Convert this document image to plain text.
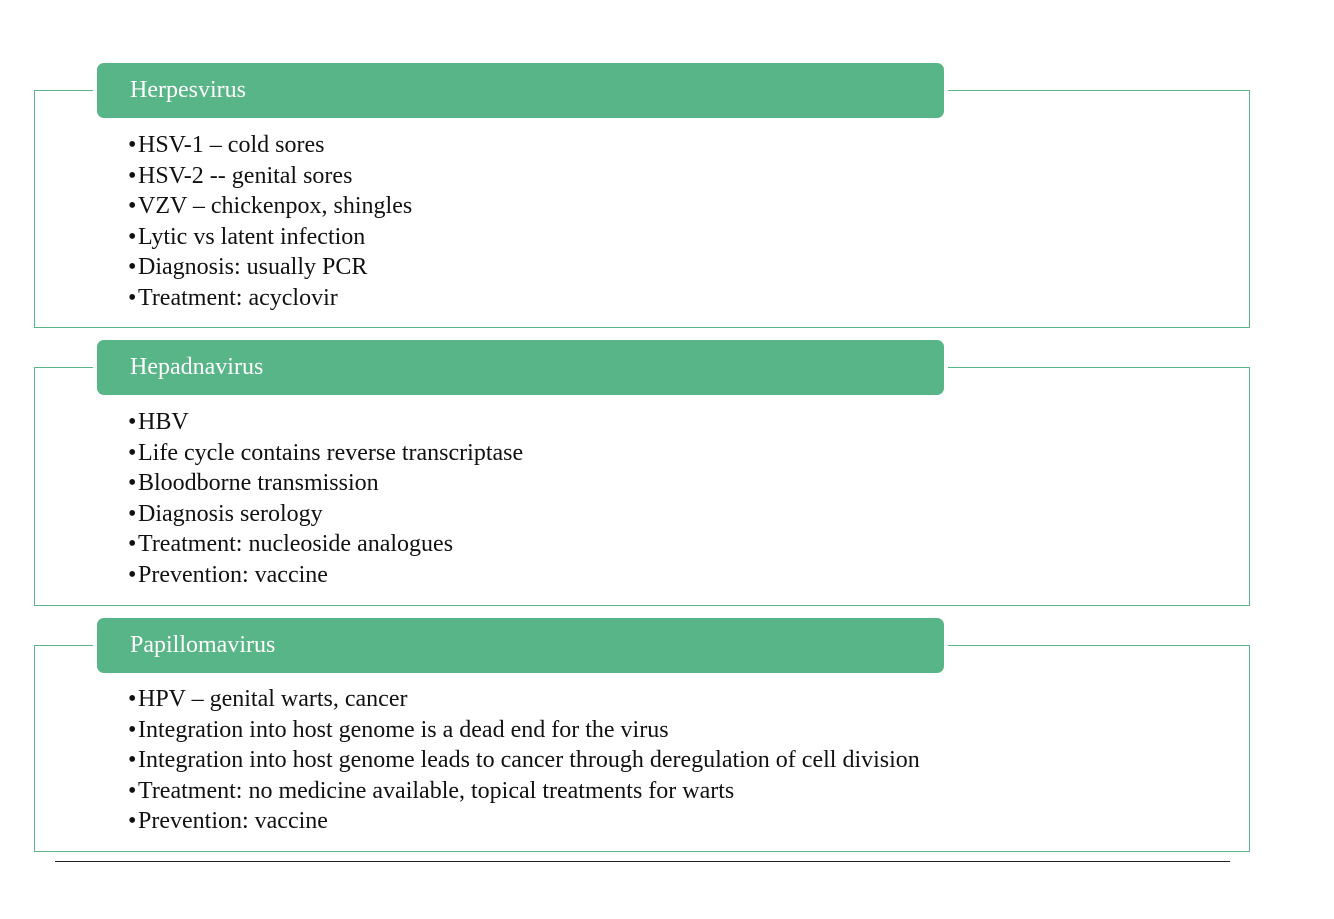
Herpesvirus
•HSV-1 – cold sores
•HSV-2 -- genital sores
•VZV – chickenpox, shingles
•Lytic vs latent infection
•Diagnosis: usually PCR
•Treatment: acyclovir
Hepadnavirus
•HBV
•Life cycle contains reverse transcriptase
•Bloodborne transmission
•Diagnosis serology
•Treatment: nucleoside analogues
•Prevention: vaccine
Papillomavirus
•HPV – genital warts, cancer
•Integration into host genome is a dead end for the virus
•Integration into host genome leads to cancer through deregulation of cell division
•Treatment: no medicine available, topical treatments for warts
•Prevention: vaccine
